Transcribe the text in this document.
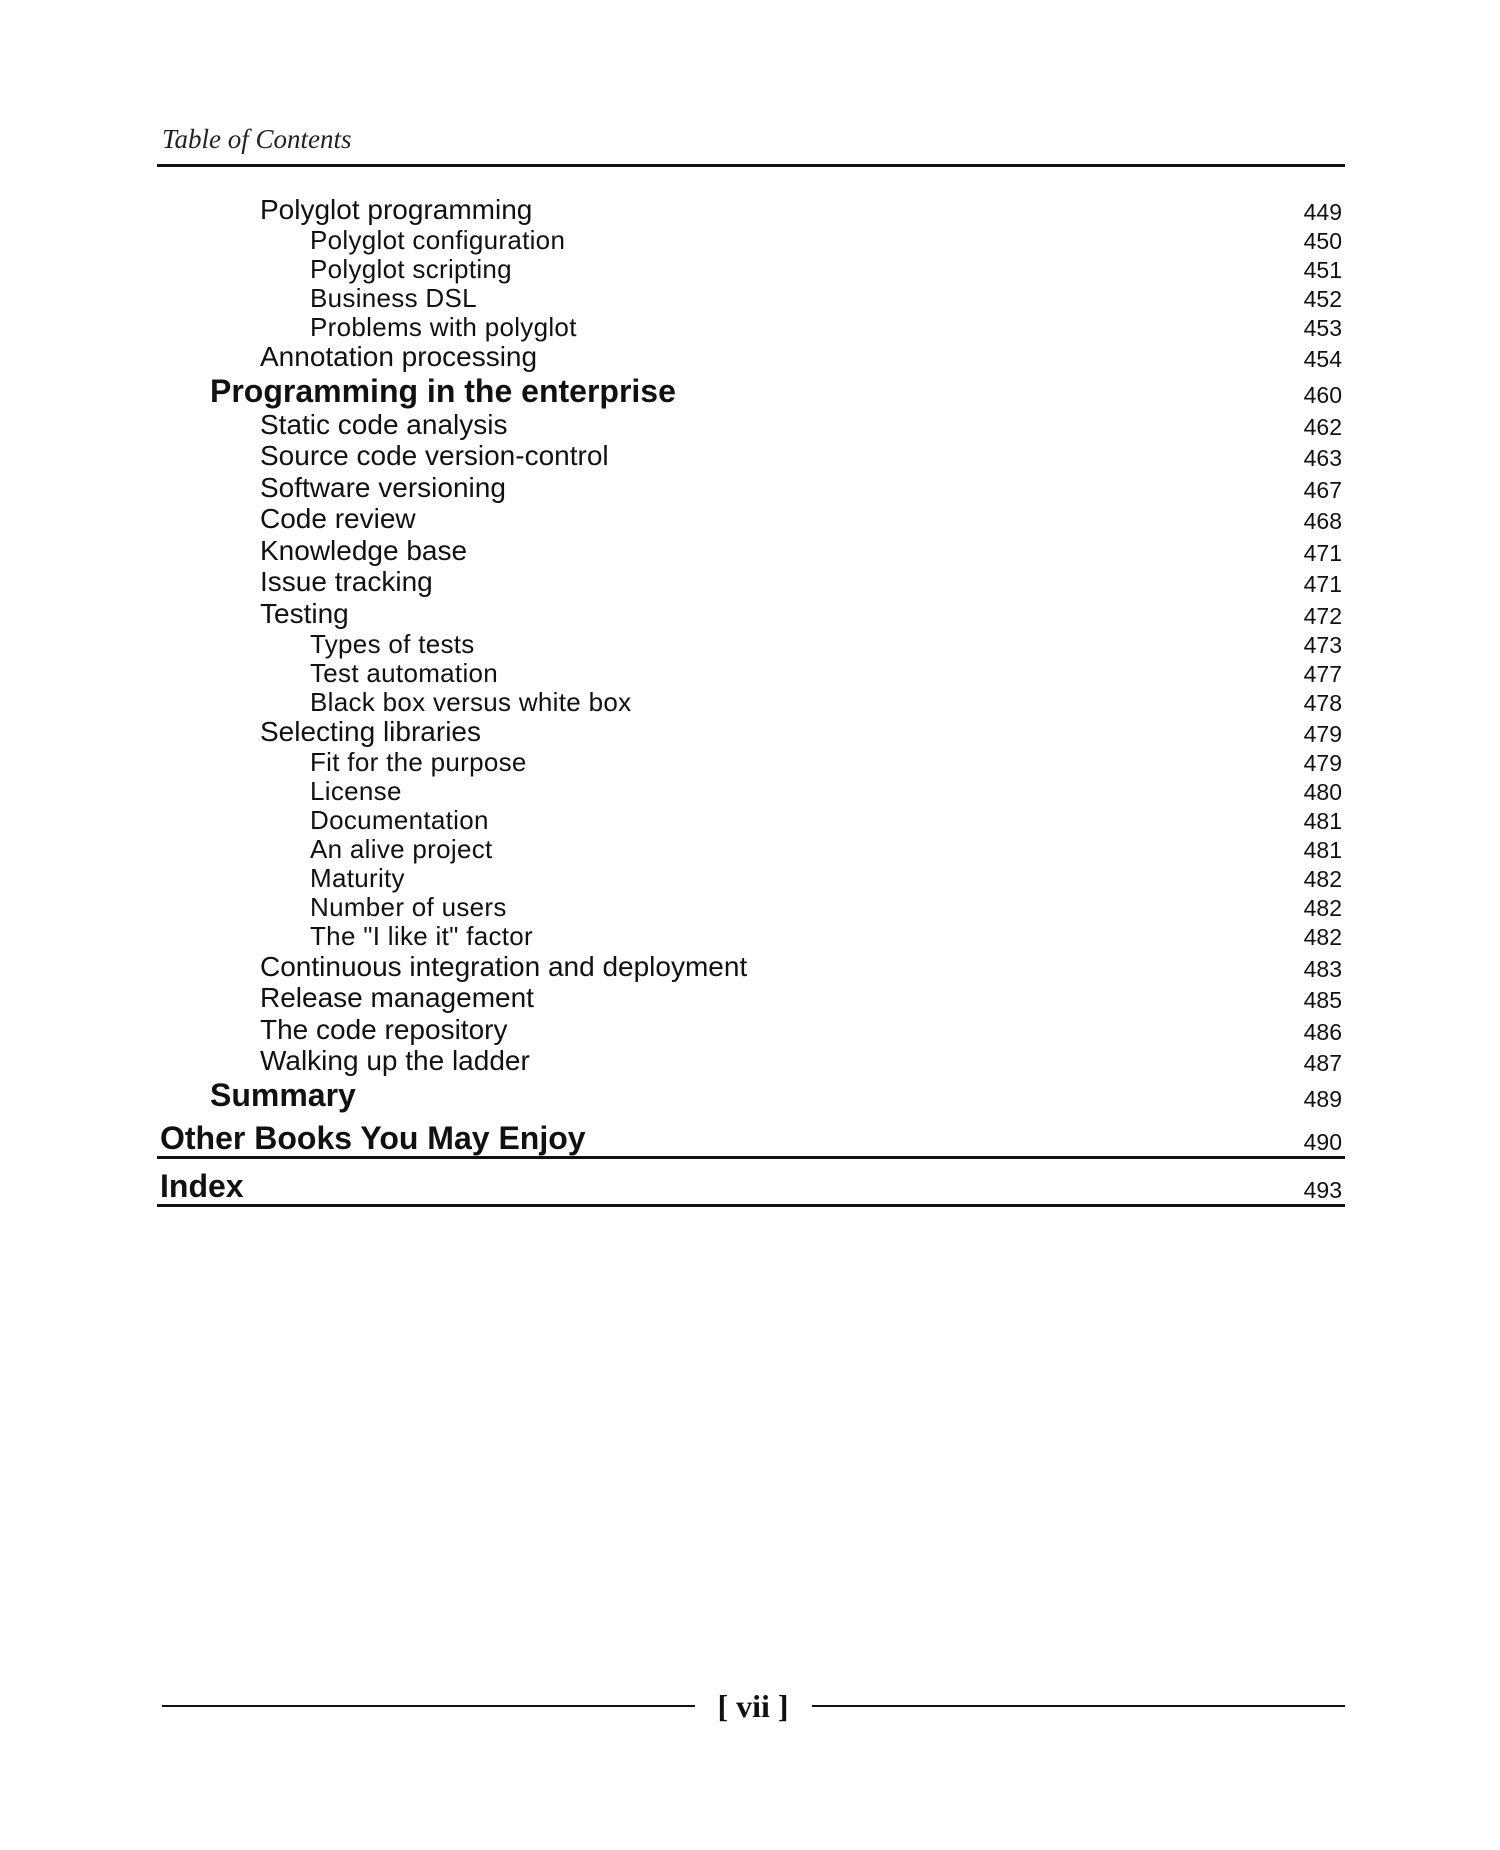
Table of Contents
Polyglot programming	449
Polyglot configuration	450
Polyglot scripting	451
Business DSL	452
Problems with polyglot	453
Annotation processing	454
Programming in the enterprise	460
Static code analysis	462
Source code version-control	463
Software versioning	467
Code review	468
Knowledge base	471
Issue tracking	471
Testing	472
Types of tests	473
Test automation	477
Black box versus white box	478
Selecting libraries	479
Fit for the purpose	479
License	480
Documentation	481
An alive project	481
Maturity	482
Number of users	482
The "I like it" factor	482
Continuous integration and deployment	483
Release management	485
The code repository	486
Walking up the ladder	487
Summary	489
Other Books You May Enjoy	490
Index	493
[ vii ]
